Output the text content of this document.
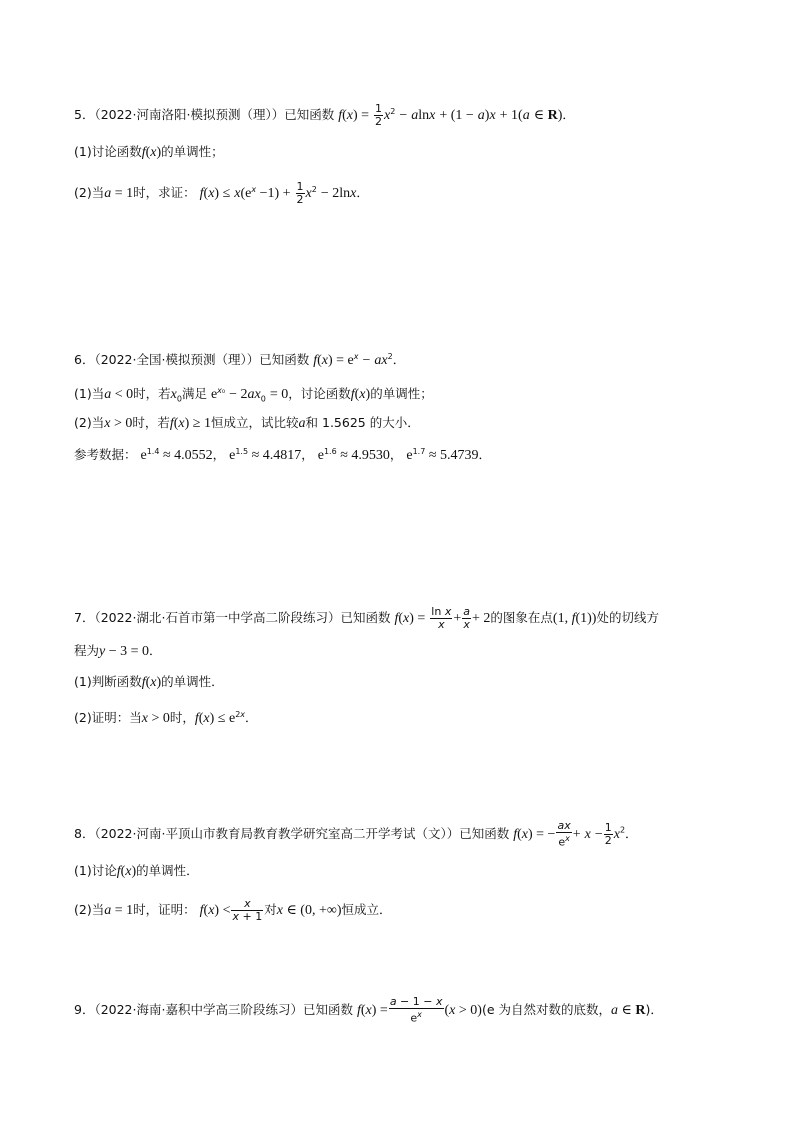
5．（2022·河南洛阳·模拟预测（理））已知函数 $f(x) = \frac{1}{2} x^2 - alnx + (1 - a)x + 1(a$ ∈ R)．
(1)讨论函数f(x)的单调性；
(2)当a = 1时，求证： $f(x) \le x(e^x -1) + \frac{1}{2} x^2 - 2\ln x$．
6．（2022·全国·模拟预测（理））已知函数 $f(x) = e^x - ax^2$．
(1)当a < 0时，若$x_0$满足 $e^{x_0} - 2ax_0 = 0$，讨论函数f(x)的单调性；
(2)当x > 0时，若f(x) ≥ 1恒成立，试比较a和 1.5625 的大小．
参考数据： $e^{1.4} \approx 4.0552$， $e^{1.5} \approx 4.4817$， $e^{1.6} \approx 4.9530$， $e^{1.7} \approx 5.4739$．
7．（2022·湖北·石首市第一中学高二阶段练习）已知函数 $f(x) = \frac{\text{ln x}}{x} + \frac{a}{x} + 2$的图象在点(1, f(1))处的切线方
程为y − 3 = 0．
(1)判断函数f(x)的单调性．
(2)证明：当x > 0时，$f(x) \le e^{2x}$．
8．（2022·河南·平顶山市教育局教育教学研究室高二开学考试（文））已知函数 f(x) = − $\frac{ax}{e^x} + x - \frac{1}{2} x^2$．
(1)讨论f(x)的单调性．
(2)当a = 1时，证明： $f(x) < \frac{x}{x + 1}$ 对x ∈ (0, +∞)恒成立．
9．（2022·海南·嘉积中学高三阶段练习）已知函数 $f(x) = \frac{a - 1 - x}{e^x} (x > 0)(e$ 为自然对数的底数，a ∈ R)．
